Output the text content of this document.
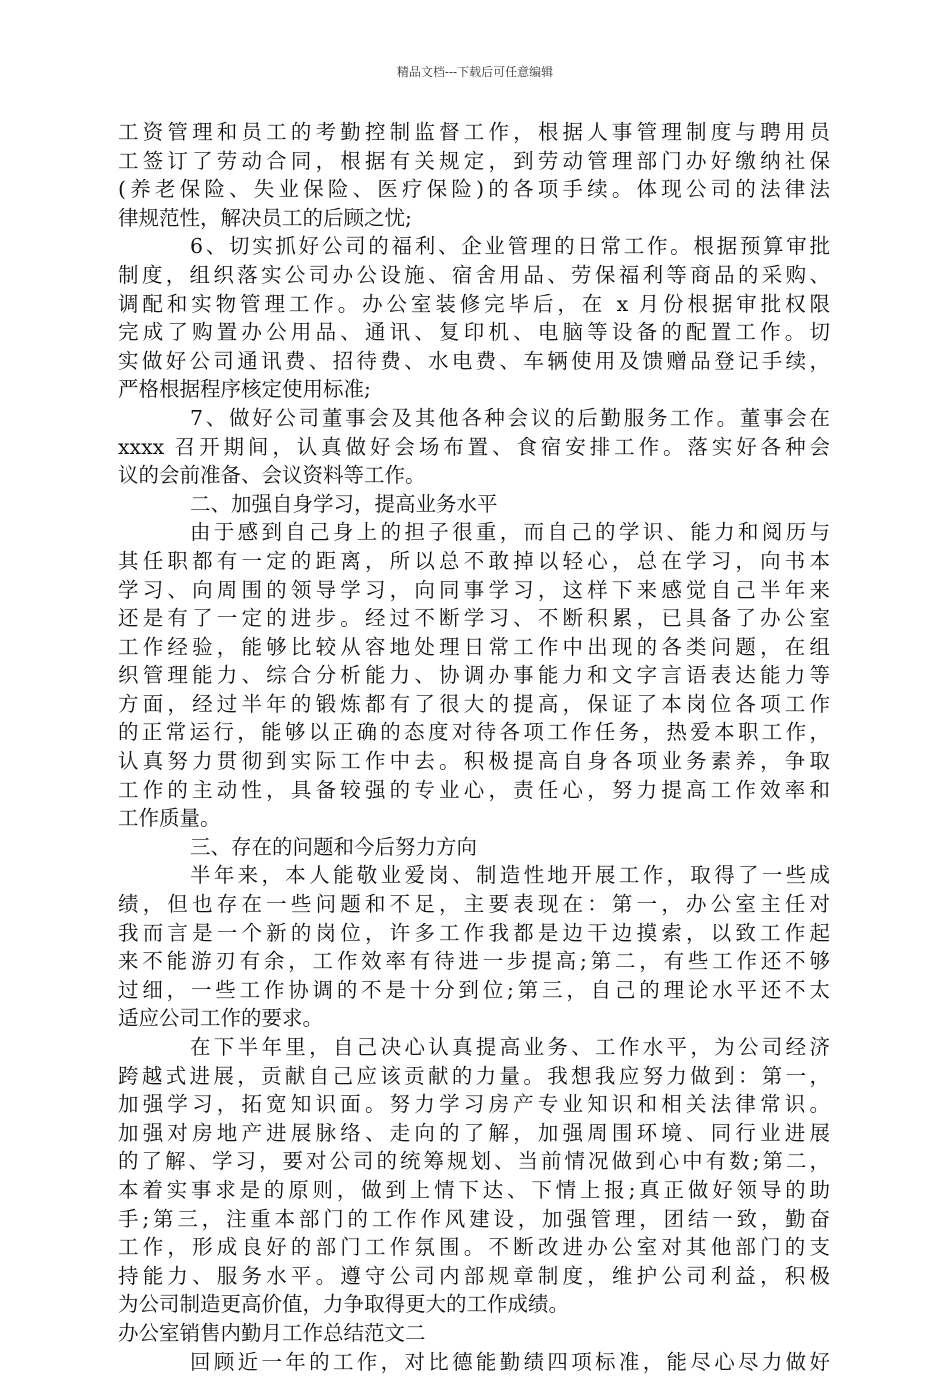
精品文档---下载后可任意编辑
工资管理和员工的考勤控制监督工作，根据人事管理制度与聘用员
工签订了劳动合同，根据有关规定，到劳动管理部门办好缴纳社保
(养老保险、失业保险、医疗保险)的各项手续。体现公司的法律法
律规范性，解决员工的后顾之忧;
6、切实抓好公司的福利、企业管理的日常工作。根据预算审批
制度，组织落实公司办公设施、宿舍用品、劳保福利等商品的采购、
调配和实物管理工作。办公室装修完毕后，在 x 月份根据审批权限
完成了购置办公用品、通讯、复印机、电脑等设备的配置工作。切
实做好公司通讯费、招待费、水电费、车辆使用及馈赠品登记手续，
严格根据程序核定使用标准;
7、做好公司董事会及其他各种会议的后勤服务工作。董事会在
xxxx 召开期间，认真做好会场布置、食宿安排工作。落实好各种会
议的会前准备、会议资料等工作。
二、加强自身学习，提高业务水平
由于感到自己身上的担子很重，而自己的学识、能力和阅历与
其任职都有一定的距离，所以总不敢掉以轻心，总在学习，向书本
学习、向周围的领导学习，向同事学习，这样下来感觉自己半年来
还是有了一定的进步。经过不断学习、不断积累，已具备了办公室
工作经验，能够比较从容地处理日常工作中出现的各类问题，在组
织管理能力、综合分析能力、协调办事能力和文字言语表达能力等
方面，经过半年的锻炼都有了很大的提高，保证了本岗位各项工作
的正常运行，能够以正确的态度对待各项工作任务，热爱本职工作，
认真努力贯彻到实际工作中去。积极提高自身各项业务素养，争取
工作的主动性，具备较强的专业心，责任心，努力提高工作效率和
工作质量。
三、存在的问题和今后努力方向
半年来，本人能敬业爱岗、制造性地开展工作，取得了一些成
绩，但也存在一些问题和不足，主要表现在：第一，办公室主任对
我而言是一个新的岗位，许多工作我都是边干边摸索，以致工作起
来不能游刃有余，工作效率有待进一步提高;第二，有些工作还不够
过细，一些工作协调的不是十分到位;第三，自己的理论水平还不太
适应公司工作的要求。
在下半年里，自己决心认真提高业务、工作水平，为公司经济
跨越式进展，贡献自己应该贡献的力量。我想我应努力做到：第一，
加强学习，拓宽知识面。努力学习房产专业知识和相关法律常识。
加强对房地产进展脉络、走向的了解，加强周围环境、同行业进展
的了解、学习，要对公司的统筹规划、当前情况做到心中有数;第二，
本着实事求是的原则，做到上情下达、下情上报;真正做好领导的助
手;第三，注重本部门的工作作风建设，加强管理，团结一致，勤奋
工作，形成良好的部门工作氛围。不断改进办公室对其他部门的支
持能力、服务水平。遵守公司内部规章制度，维护公司利益，积极
为公司制造更高价值，力争取得更大的工作成绩。
办公室销售内勤月工作总结范文二
回顾近一年的工作，对比德能勤绩四项标准，能尽心尽力做好
